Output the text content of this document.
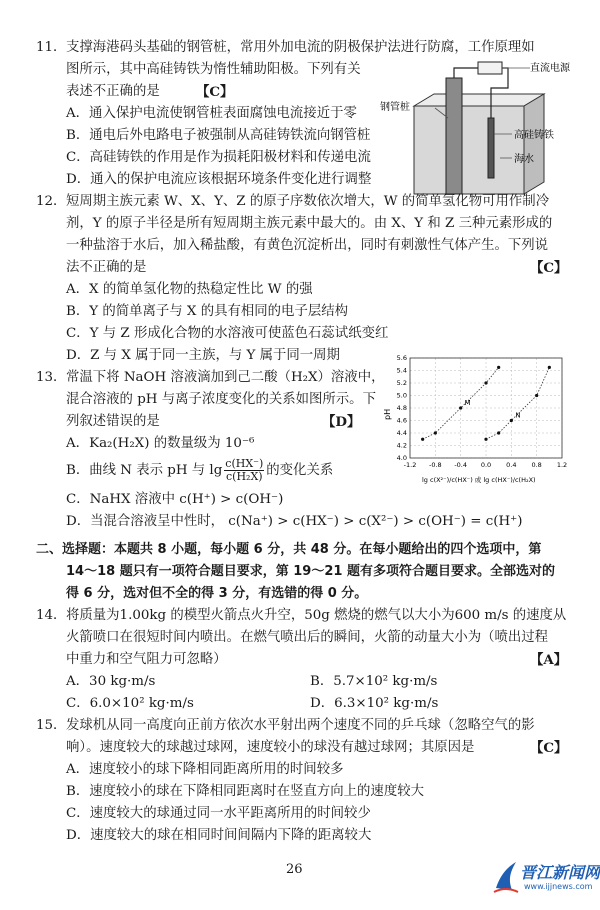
11．支撑海港码头基础的钢管桩，常用外加电流的阴极保护法进行防腐，工作原理如
图所示，其中高硅铸铁为惰性辅助阳极。下列有关
表述不正确的是	【C】
A．通入保护电流使钢管桩表面腐蚀电流接近于零
B．通电后外电路电子被强制从高硅铸铁流向钢管桩
C．高硅铸铁的作用是作为损耗阳极材料和传递电流
D．通入的保护电流应该根据环境条件变化进行调整
直流电源
钢管桩
高硅铸铁
海水
12．短周期主族元素 W、X、Y、Z 的原子序数依次增大，W 的简单氢化物可用作制冷
剂，Y 的原子半径是所有短周期主族元素中最大的。由 X、Y 和 Z 三种元素形成的
一种盐溶于水后，加入稀盐酸，有黄色沉淀析出，同时有刺激性气体产生。下列说
法不正确的是	【C】
A．X 的简单氢化物的热稳定性比 W 的强
B．Y 的简单离子与 X 的具有相同的电子层结构
C．Y 与 Z 形成化合物的水溶液可使蓝色石蕊试纸变红
D．Z 与 X 属于同一主族，与 Y 属于同一周期
13．常温下将 NaOH 溶液滴加到己二酸（H₂X）溶液中，
混合溶液的 pH 与离子浓度变化的关系如图所示。下
列叙述错误的是	【D】
A．Ka₂(H₂X) 的数量级为 10⁻⁶
B．曲线 N 表示 pH 与 $\lg \frac{c(HX^-)}{\text{c(H₂X)}}$ 的变化关系
C．NaHX 溶液中 c(H⁺) > c(OH⁻)
D．当混合溶液呈中性时， c(Na⁺) > c(HX⁻) > c(X²⁻) > c(OH⁻) = c(H⁺)
-1.2 -0.8 -0.4 0.0 0.4 0.8 1.2
4.0
4.2
4.4
4.6
4.8
5.0
5.2
5.4
5.6
M
N
pH
lg c(X²⁻)/c(HX⁻) 或 lg c(HX⁻)/c(H₂X)
二、选择题：本题共 8 小题，每小题 6 分，共 48 分。在每小题给出的四个选项中，第
14～18 题只有一项符合题目要求，第 19～21 题有多项符合题目要求。全部选对的
得 6 分，选对但不全的得 3 分，有选错的得 0 分。
14．将质量为1.00kg 的模型火箭点火升空，50g 燃烧的燃气以大小为600 m/s 的速度从
火箭喷口在很短时间内喷出。在燃气喷出后的瞬间，火箭的动量大小为（喷出过程
中重力和空气阻力可忽略）	【A】
A．30 kg·m/s	B．5.7×10² kg·m/s
C．6.0×10² kg·m/s	D．6.3×10² kg·m/s
15．发球机从同一高度向正前方依次水平射出两个速度不同的乒乓球（忽略空气的影
响）。速度较大的球越过球网，速度较小的球没有越过球网；其原因是	【C】
A．速度较小的球下降相同距离所用的时间较多
B．速度较小的球在下降相同距离时在竖直方向上的速度较大
C．速度较大的球通过同一水平距离所用的时间较少
D．速度较大的球在相同时间间隔内下降的距离较大
26	晋江新闻网
www.ijjnews.com
